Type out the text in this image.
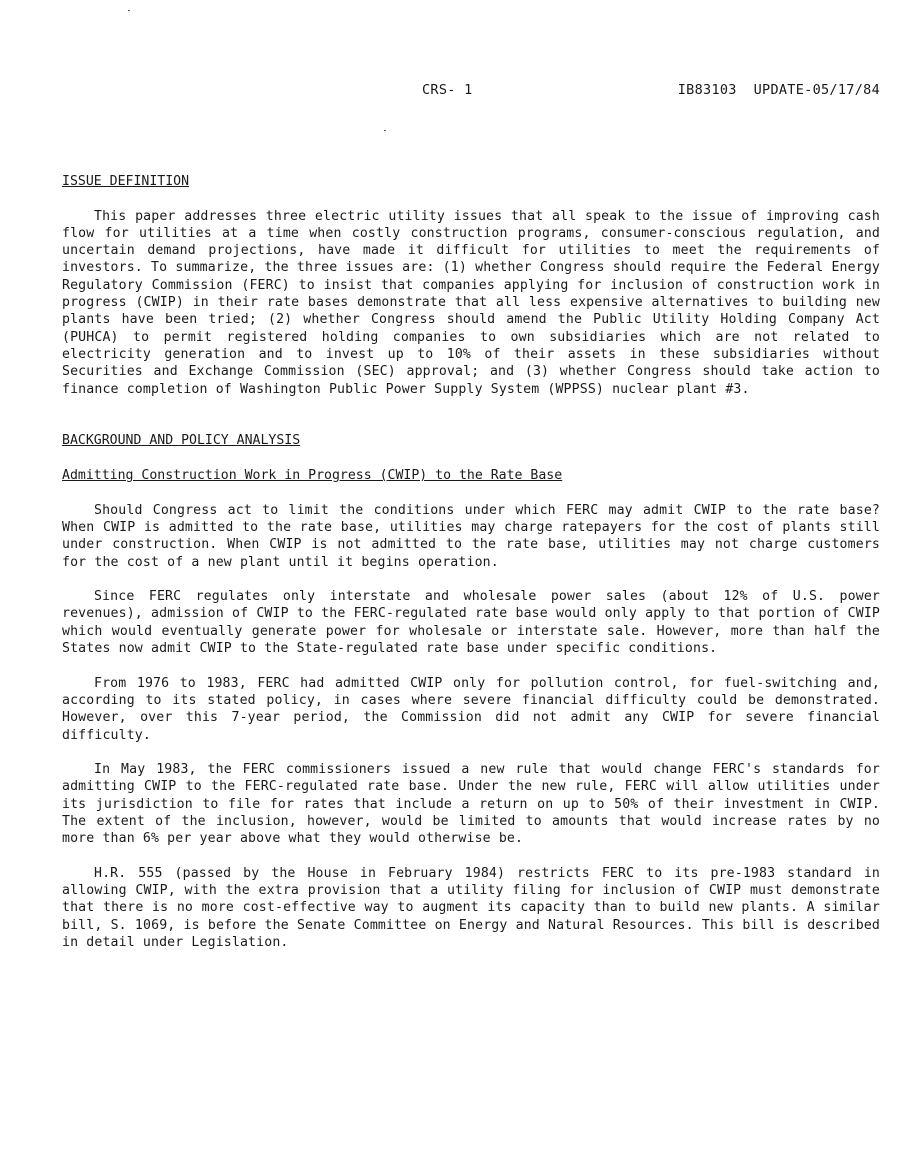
CRS- 1	IB83103  UPDATE-05/17/84
ISSUE DEFINITION
This paper addresses three electric utility issues that all speak to the issue of improving cash flow for utilities at a time when costly construction programs, consumer-conscious regulation, and uncertain demand projections, have made it difficult for utilities to meet the requirements of investors. To summarize, the three issues are: (1) whether Congress should require the Federal Energy Regulatory Commission (FERC) to insist that companies applying for inclusion of construction work in progress (CWIP) in their rate bases demonstrate that all less expensive alternatives to building new plants have been tried; (2) whether Congress should amend the Public Utility Holding Company Act (PUHCA) to permit registered holding companies to own subsidiaries which are not related to electricity generation and to invest up to 10% of their assets in these subsidiaries without Securities and Exchange Commission (SEC) approval; and (3) whether Congress should take action to finance completion of Washington Public Power Supply System (WPPSS) nuclear plant #3.
BACKGROUND AND POLICY ANALYSIS
Admitting Construction Work in Progress (CWIP) to the Rate Base
Should Congress act to limit the conditions under which FERC may admit CWIP to the rate base? When CWIP is admitted to the rate base, utilities may charge ratepayers for the cost of plants still under construction. When CWIP is not admitted to the rate base, utilities may not charge customers for the cost of a new plant until it begins operation.
Since FERC regulates only interstate and wholesale power sales (about 12% of U.S. power revenues), admission of CWIP to the FERC-regulated rate base would only apply to that portion of CWIP which would eventually generate power for wholesale or interstate sale. However, more than half the States now admit CWIP to the State-regulated rate base under specific conditions.
From 1976 to 1983, FERC had admitted CWIP only for pollution control, for fuel-switching and, according to its stated policy, in cases where severe financial difficulty could be demonstrated. However, over this 7-year period, the Commission did not admit any CWIP for severe financial difficulty.
In May 1983, the FERC commissioners issued a new rule that would change FERC's standards for admitting CWIP to the FERC-regulated rate base. Under the new rule, FERC will allow utilities under its jurisdiction to file for rates that include a return on up to 50% of their investment in CWIP. The extent of the inclusion, however, would be limited to amounts that would increase rates by no more than 6% per year above what they would otherwise be.
H.R. 555 (passed by the House in February 1984) restricts FERC to its pre-1983 standard in allowing CWIP, with the extra provision that a utility filing for inclusion of CWIP must demonstrate that there is no more cost-effective way to augment its capacity than to build new plants. A similar bill, S. 1069, is before the Senate Committee on Energy and Natural Resources. This bill is described in detail under Legislation.
